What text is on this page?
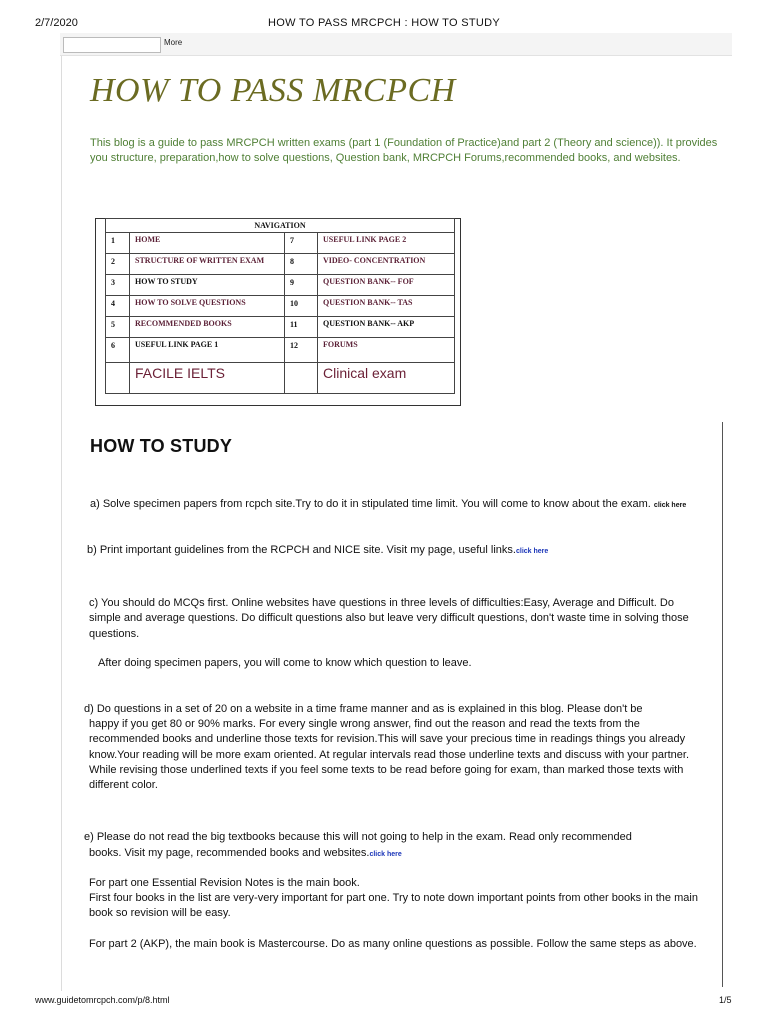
2/7/2020	HOW TO PASS MRCPCH : HOW TO STUDY
More
HOW TO PASS MRCPCH
This blog is a guide to pass MRCPCH written exams (part 1 (Foundation of Practice)and part 2 (Theory and science)). It provides you structure, preparation,how to solve questions, Question bank, MRCPCH Forums,recommended books, and websites.
NAVIGATION			
1	HOME	7	USEFUL LINK PAGE 2
2	STRUCTURE OF WRITTEN EXAM	8	VIDEO- CONCENTRATION
3	HOW TO STUDY	9	QUESTION BANK-- FOF
4	HOW TO SOLVE QUESTIONS	10	QUESTION BANK-- TAS
5	RECOMMENDED BOOKS	11	QUESTION BANK-- AKP
6	USEFUL LINK PAGE 1	12	FORUMS
	FACILE IELTS		Clinical exam
HOW TO STUDY
a) Solve specimen papers from rcpch site.Try to do it in stipulated time limit. You will come to know about the exam. click here
b) Print important guidelines from the RCPCH and NICE site. Visit my page, useful links.click here
c) You should do MCQs first. Online websites have questions in three levels of difficulties:Easy, Average and Difficult. Do simple and average questions. Do difficult questions also but leave very difficult questions, don't waste time in solving those questions.
After doing specimen papers, you will come to know which question to leave.
d) Do questions in a set of 20 on a website in a time frame manner and as is explained in this blog. Please don't be
happy if you get 80 or 90% marks. For every single wrong answer, find out the reason and read the texts from the recommended books and underline those texts for revision.This will save your precious time in readings things you already know.Your reading will be more exam oriented. At regular intervals read those underline texts and discuss with your partner. While revising those underlined texts if you feel some texts to be read before going for exam, than marked those texts with different color.
e) Please do not read the big textbooks because this will not going to help in the exam. Read only recommended
books. Visit my page, recommended books and websites.click here
For part one Essential Revision Notes is the main book.
First four books in the list are very-very important for part one. Try to note down important points from other books in the main book so revision will be easy.
For part 2 (AKP), the main book is Mastercourse. Do as many online questions as possible. Follow the same steps as above.
www.guidetomrcpch.com/p/8.html	1/5
